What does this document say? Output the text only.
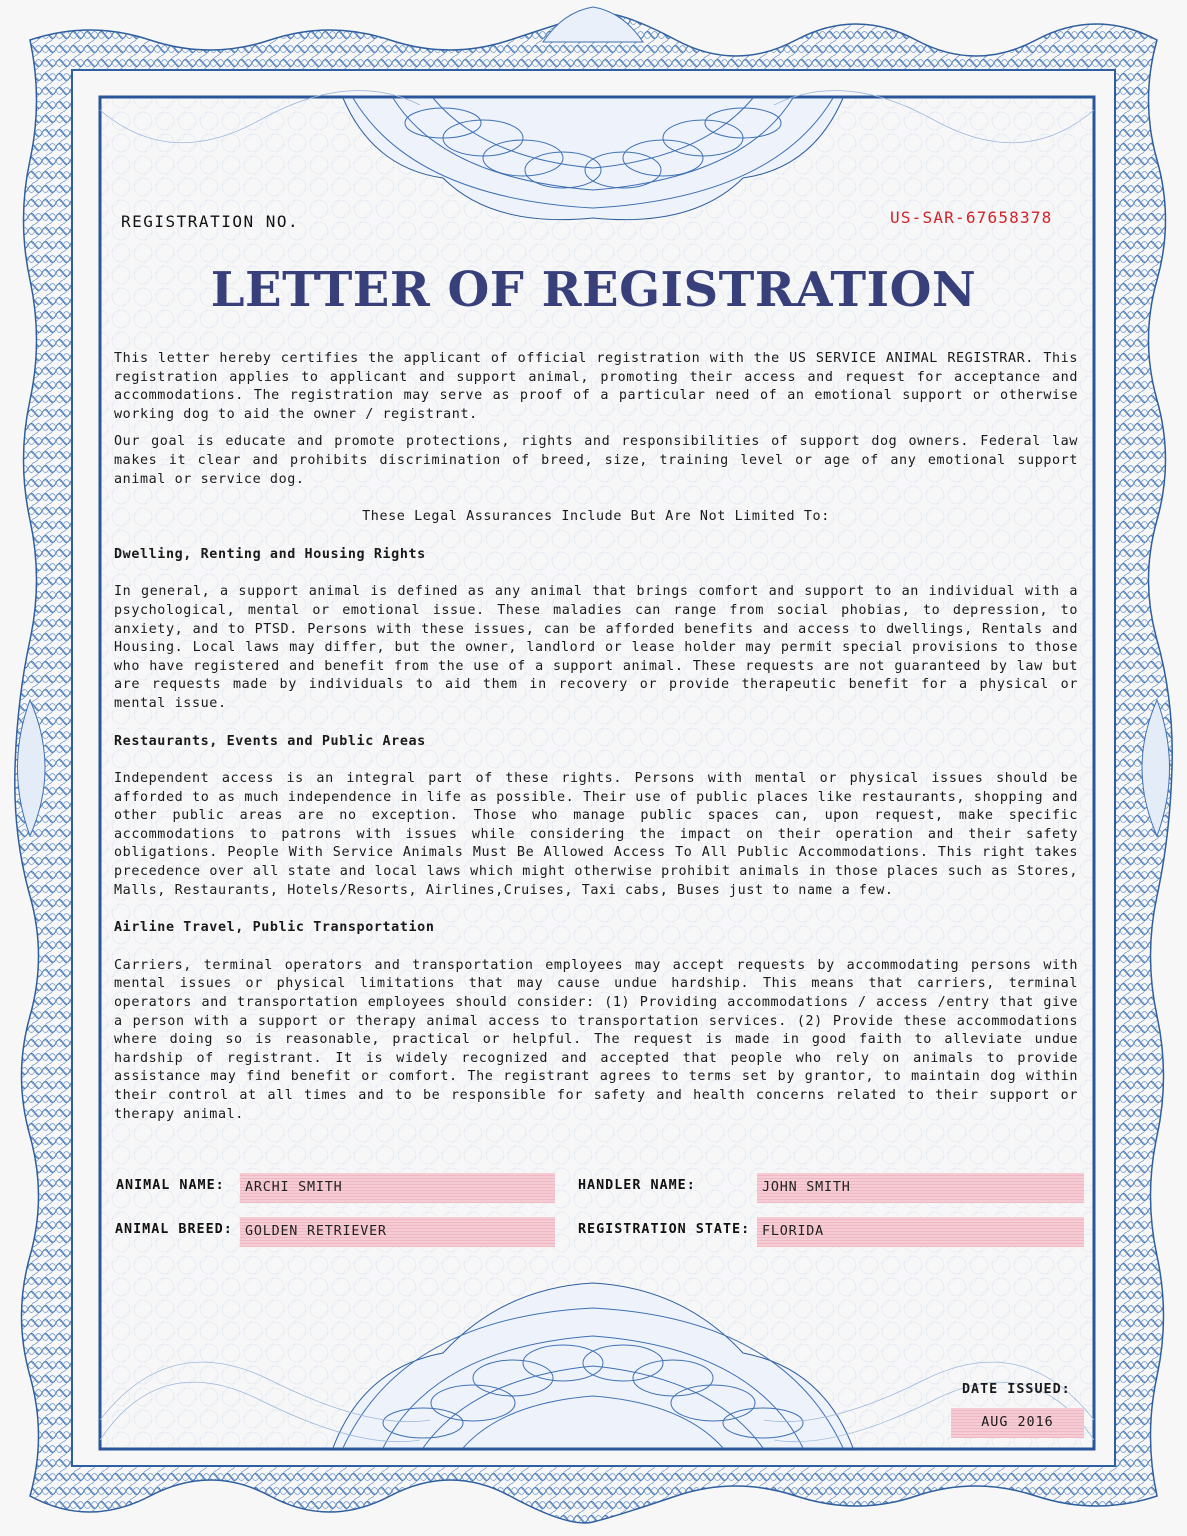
REGISTRATION NO.	US-SAR-67658378
LETTER OF REGISTRATION

This letter hereby certifies the applicant of official registration with the US SERVICE ANIMAL REGISTRAR. This registration applies to applicant and support animal, promoting their access and request for acceptance and accommodations. The registration may serve as proof of a particular need of an emotional support or otherwise working dog to aid the owner / registrant.

Our goal is educate and promote protections, rights and responsibilities of support dog owners. Federal law makes it clear and prohibits discrimination of breed, size, training level or age of any emotional support animal or service dog.

These Legal Assurances Include But Are Not Limited To:

Dwelling, Renting and Housing Rights

In general, a support animal is defined as any animal that brings comfort and support to an individual with a psychological, mental or emotional issue. These maladies can range from social phobias, to depression, to anxiety, and to PTSD. Persons with these issues, can be afforded benefits and access to dwellings, Rentals and Housing. Local laws may differ, but the owner, landlord or lease holder may permit special provisions to those who have registered and benefit from the use of a support animal. These requests are not guaranteed by law but are requests made by individuals to aid them in recovery or provide therapeutic benefit for a physical or mental issue.

Restaurants, Events and Public Areas

Independent access is an integral part of these rights. Persons with mental or physical issues should be afforded to as much independence in life as possible. Their use of public places like restaurants, shopping and other public areas are no exception. Those who manage public spaces can, upon request, make specific accommodations to patrons with issues while considering the impact on their operation and their safety obligations. People With Service Animals Must Be Allowed Access To All Public Accommodations. This right takes precedence over all state and local laws which might otherwise prohibit animals in those places such as Stores, Malls, Restaurants, Hotels/Resorts, Airlines,Cruises, Taxi cabs, Buses just to name a few.

Airline Travel, Public Transportation

Carriers, terminal operators and transportation employees may accept requests by accommodating persons with mental issues or physical limitations that may cause undue hardship. This means that carriers, terminal operators and transportation employees should consider: (1) Providing accommodations / access /entry that give a person with a support or therapy animal access to transportation services. (2) Provide these accommodations where doing so is reasonable, practical or helpful. The request is made in good faith to alleviate undue hardship of registrant. It is widely recognized and accepted that people who rely on animals to provide assistance may find benefit or comfort. The registrant agrees to terms set by grantor, to maintain dog within their control at all times and to be responsible for safety and health concerns related to their support or therapy animal.

ANIMAL NAME:	ARCHI SMITH	HANDLER NAME:	JOHN SMITH
ANIMAL BREED: GOLDEN RETRIEVER	REGISTRATION STATE: FLORIDA
DATE ISSUED:
AUG 2016
